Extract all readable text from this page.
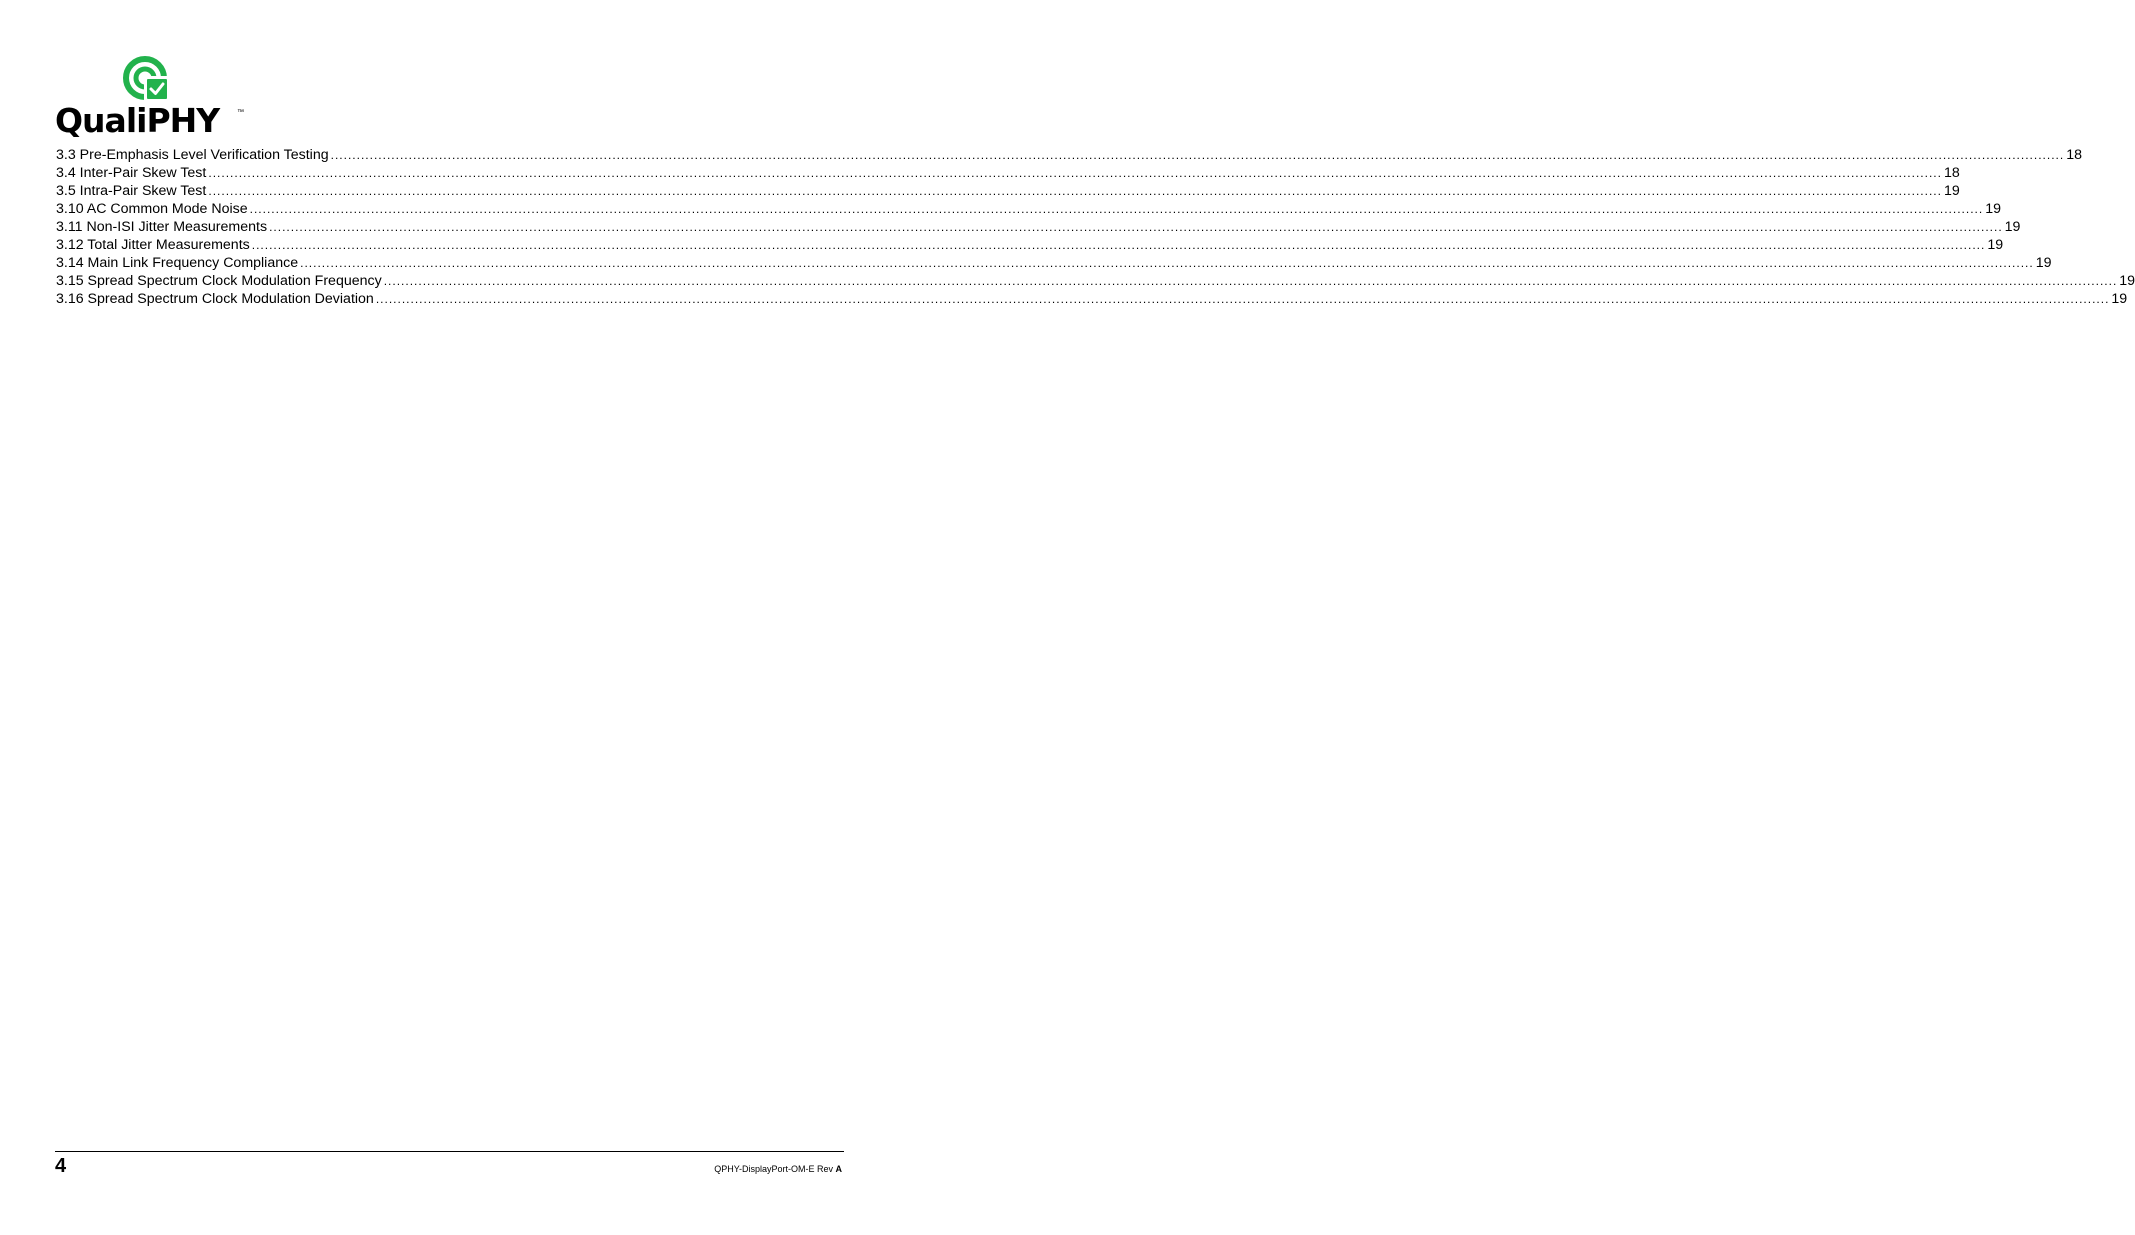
QualiPHY	™
3.3 Pre-Emphasis Level Verification Testing ................................................................................................................................................................................................................................................................................................................................................................................................................ 18
3.4 Inter-Pair Skew Test ................................................................................................................................................................................................................................................................................................................................................................................................................ 18
3.5 Intra-Pair Skew Test ................................................................................................................................................................................................................................................................................................................................................................................................................ 19
3.10 AC Common Mode Noise ................................................................................................................................................................................................................................................................................................................................................................................................................ 19
3.11 Non-ISI Jitter Measurements ................................................................................................................................................................................................................................................................................................................................................................................................................ 19
3.12 Total Jitter Measurements ................................................................................................................................................................................................................................................................................................................................................................................................................ 19
3.14 Main Link Frequency Compliance ................................................................................................................................................................................................................................................................................................................................................................................................................ 19
3.15 Spread Spectrum Clock Modulation Frequency ................................................................................................................................................................................................................................................................................................................................................................................................................ 19
3.16 Spread Spectrum Clock Modulation Deviation ................................................................................................................................................................................................................................................................................................................................................................................................................ 19
4	QPHY-DisplayPort-OM-E Rev A
